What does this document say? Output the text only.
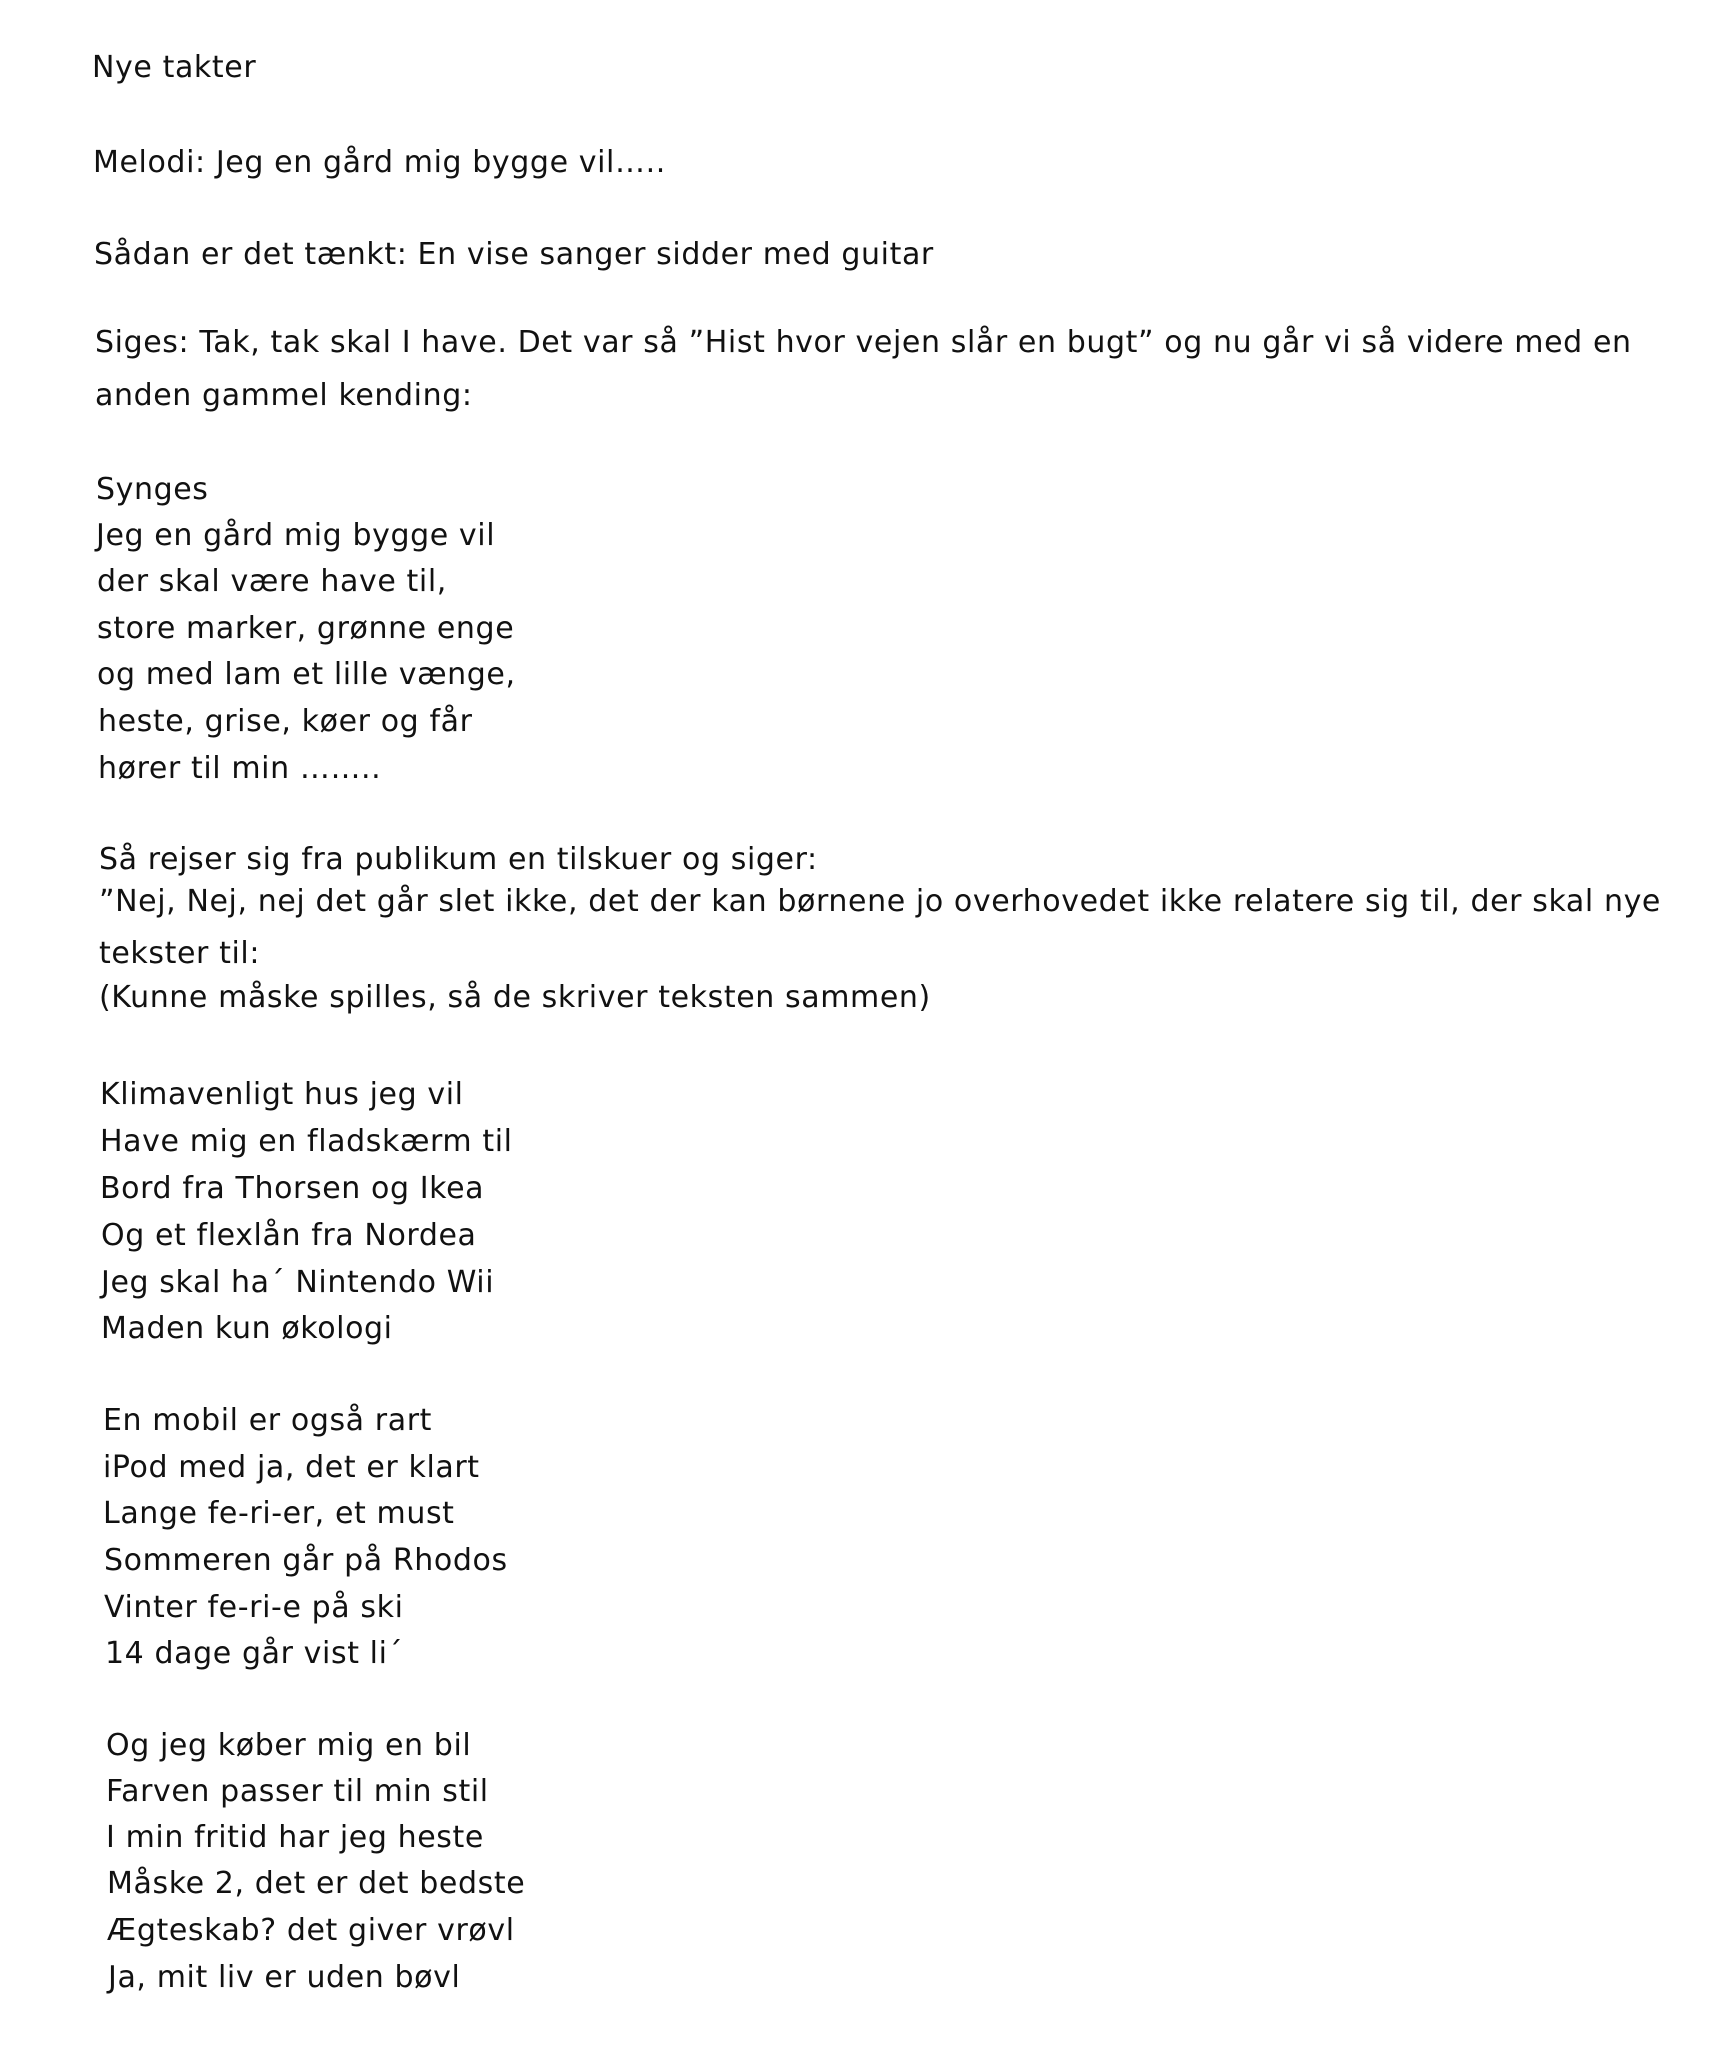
Nye takter
Melodi: Jeg en gård mig bygge vil…..
Sådan er det tænkt: En vise sanger sidder med guitar
Siges: Tak, tak skal I have. Det var så ”Hist hvor vejen slår en bugt” og nu går vi så videre med en
anden gammel kending:
Synges
Jeg en gård mig bygge vil
der skal være have til,
store marker, grønne enge
og med lam et lille vænge,
heste, grise, køer og får
hører til min ……..
Så rejser sig fra publikum en tilskuer og siger:
”Nej, Nej, nej det går slet ikke, det der kan børnene jo overhovedet ikke relatere sig til, der skal nye
tekster til:
(Kunne måske spilles, så de skriver teksten sammen)
Klimavenligt hus jeg vil
Have mig en fladskærm til
Bord fra Thorsen og Ikea
Og et flexlån fra Nordea
Jeg skal ha´ Nintendo Wii
Maden kun økologi
En mobil er også rart
iPod med ja, det er klart
Lange fe-ri-er, et must
Sommeren går på Rhodos
Vinter fe-ri-e på ski
14 dage går vist li´
Og jeg køber mig en bil
Farven passer til min stil
I min fritid har jeg heste
Måske 2, det er det bedste
Ægteskab? det giver vrøvl
Ja, mit liv er uden bøvl
